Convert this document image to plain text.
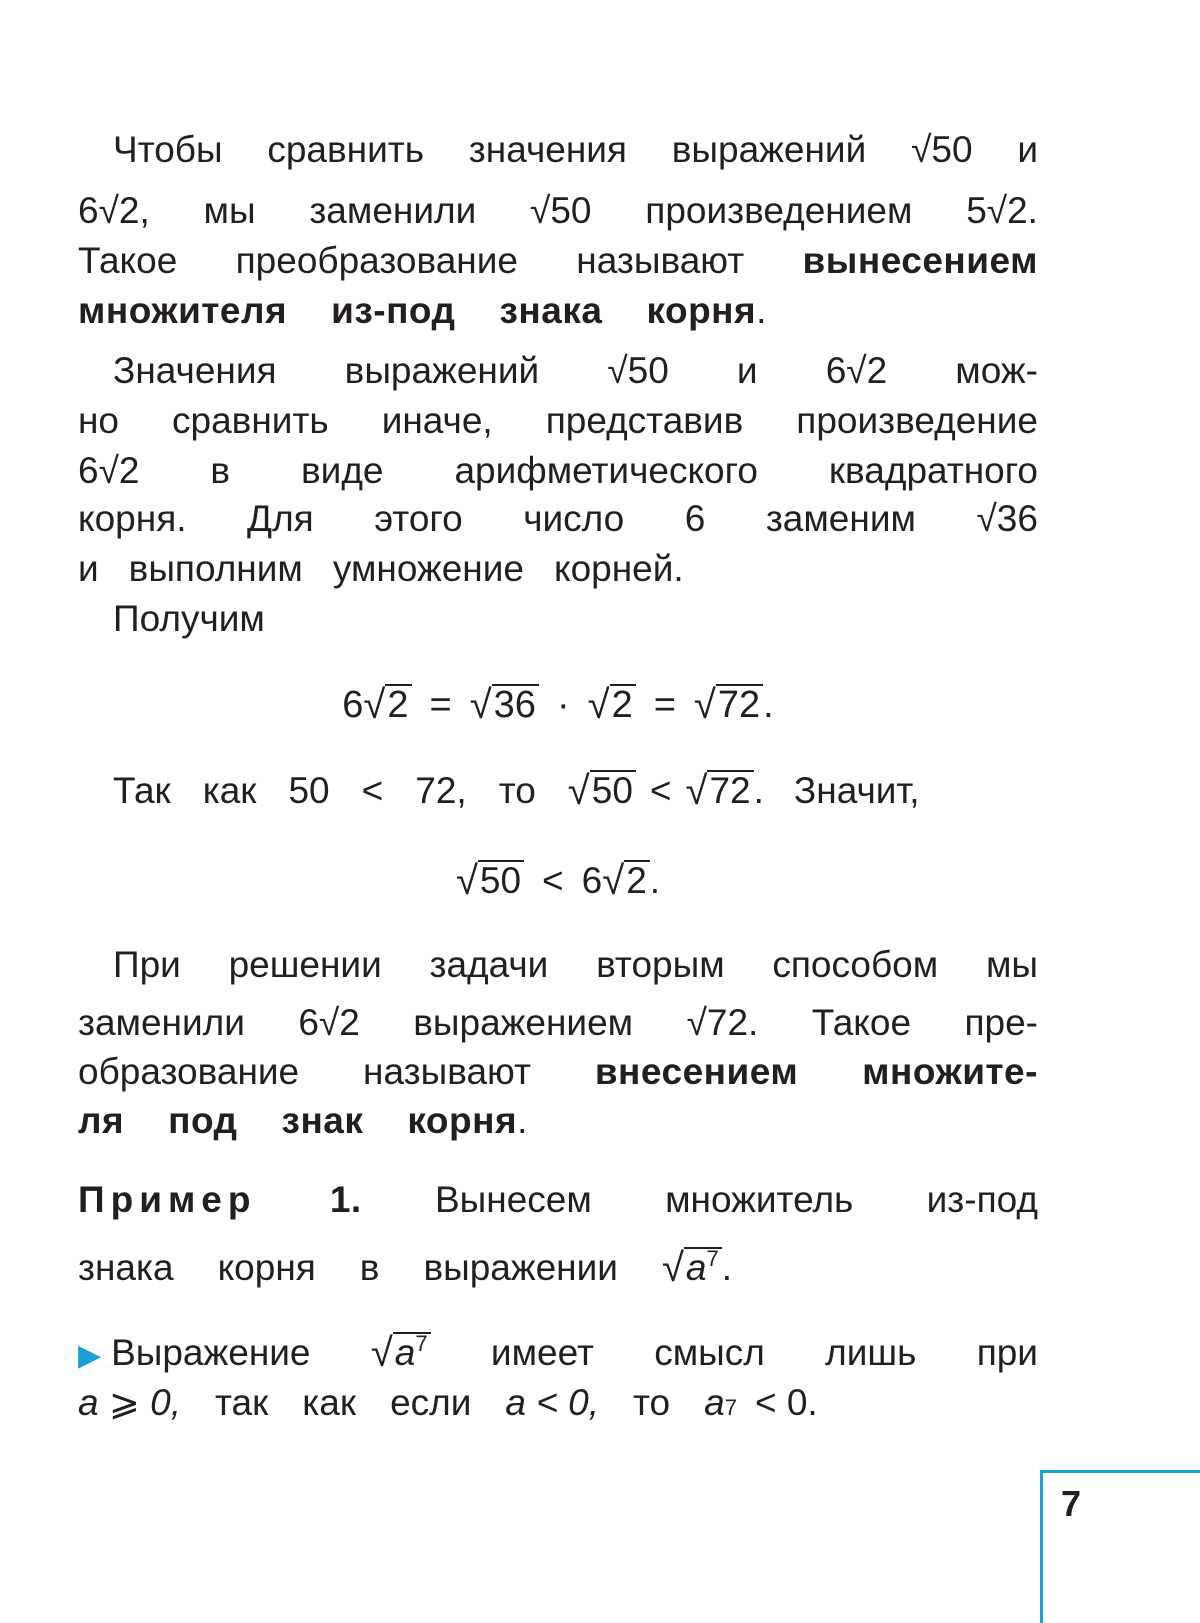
Чтобы сравнить значения выражений √50 и
6√2, мы заменили √50 произведением 5√2.
Такое преобразование называют вынесением
множителя из-под знака корня.
Значения выражений √50 и 6√2 мож-
но сравнить иначе, представив произведение
6√2 в виде арифметического квадратного
корня. Для этого число 6 заменим √36
и выполним умножение корней.
Получим
6 √ 2 = √ 36 · √ 2 = √ 72 .
Так как 50 < 72, то √ 50 < √ 72 . Значит,
√ 50 < 6 √ 2 .
При решении задачи вторым способом мы
заменили 6√2 выражением √72. Такое пре-
образование называют внесением множите-
ля под знак корня.
Пример 1. Вынесем множитель из-под
знака корня в выражении √ $a^7$ .
▶ Выражение √ $a^7$ имеет смысл лишь при
a ⩾ 0, так как если a < 0, то a 7 < 0.
7
